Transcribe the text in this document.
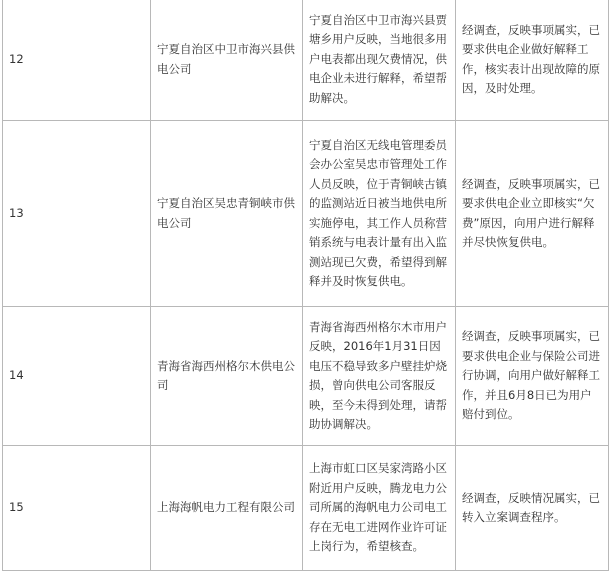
12	宁夏自治区中卫市海兴县供电公司	宁夏自治区中卫市海兴县贾塘乡用户反映，当地很多用户电表都出现欠费情况，供电企业未进行解释，希望帮助解决。	经调查，反映事项属实，已要求供电企业做好解释工作，核实表计出现故障的原因，及时处理。
13	宁夏自治区吴忠青铜峡市供电公司	宁夏自治区无线电管理委员会办公室吴忠市管理处工作人员反映，位于青铜峡古镇的监测站近日被当地供电所实施停电，其工作人员称营销系统与电表计量有出入监测站现已欠费，希望得到解释并及时恢复供电。	经调查，反映事项属实，已要求供电企业立即核实“欠费”原因，向用户进行解释并尽快恢复供电。
14	青海省海西州格尔木供电公司	青海省海西州格尔木市用户反映，2016年1月31日因电压不稳导致多户壁挂炉烧损，曾向供电公司客服反映，至今未得到处理，请帮助协调解决。	经调查，反映事项属实，已要求供电企业与保险公司进行协调，向用户做好解释工作，并且6月8日已为用户赔付到位。
15	上海海帆电力工程有限公司	上海市虹口区吴家湾路小区附近用户反映，腾龙电力公司所属的海帆电力公司电工存在无电工进网作业许可证上岗行为，希望核查。	经调查，反映情况属实，已转入立案调查程序。
